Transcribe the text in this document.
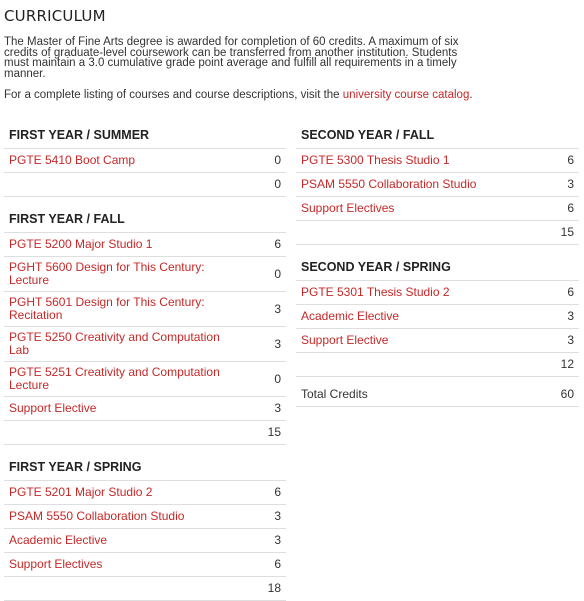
CURRICULUM
The Master of Fine Arts degree is awarded for completion of 60 credits. A maximum of six credits of graduate-level coursework can be transferred from another institution. Students must maintain a 3.0 cumulative grade point average and fulfill all requirements in a timely manner.
For a complete listing of courses and course descriptions, visit the university course catalog.
FIRST YEAR / SUMMER
PGTE 5410 Boot Camp	0
0
FIRST YEAR / FALL
PGTE 5200 Major Studio 1	6
PGHT 5600 Design for This Century: Lecture	0
PGHT 5601 Design for This Century: Recitation	3
PGTE 5250 Creativity and Computation Lab	3
PGTE 5251 Creativity and Computation Lecture	0
Support Elective	3
15
FIRST YEAR / SPRING
PGTE 5201 Major Studio 2	6
PSAM 5550 Collaboration Studio	3
Academic Elective	3
Support Electives	6
18
SECOND YEAR / FALL
PGTE 5300 Thesis Studio 1	6
PSAM 5550 Collaboration Studio	3
Support Electives	6
15
SECOND YEAR / SPRING
PGTE 5301 Thesis Studio 2	6
Academic Elective	3
Support Elective	3
12
Total Credits	60
